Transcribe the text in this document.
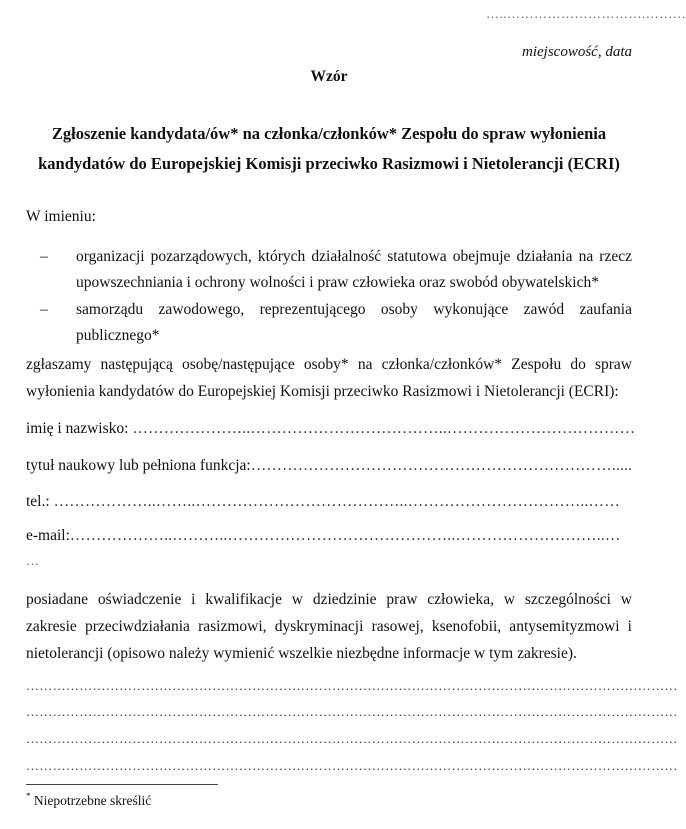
…..………………………….………
miejscowość, data
Wzór
Zgłoszenie kandydata/ów* na członka/członków* Zespołu do spraw wyłonienia
kandydatów do Europejskiej Komisji przeciwko Rasizmowi i Nietolerancji (ECRI)
W imieniu:
– organizacji pozarządowych, których działalność statutowa obejmuje działania na rzecz
upowszechniania i ochrony wolności i praw człowieka oraz swobód obywatelskich*
– samorządu zawodowego, reprezentującego osoby wykonujące zawód zaufania
publicznego*
zgłaszamy następującą osobę/następujące osoby* na członka/członków* Zespołu do spraw
wyłonienia kandydatów do Europejskiej Komisji przeciwko Rasizmowi i Nietolerancji (ECRI):
imię i nazwisko: …………………..………………………………..………………………………
tytuł naukowy lub pełniona funkcja:…………………………………………………………….....
tel.: ………………..……..…………………………………..……………………………..……
e-mail:………………..………..……………………………………..………………………..…
…
posiadane oświadczenie i kwalifikacje w dziedzinie praw człowieka, w szczególności w
zakresie przeciwdziałania rasizmowi, dyskryminacji rasowej, ksenofobii, antysemityzmowi i
nietolerancji (opisowo należy wymienić wszelkie niezbędne informacje w tym zakresie).
…………………………………………………………………………………………………………………………………
…………………………………………………………………………………………………………………………………
…………………………………………………………………………………………………………………………………
…………………………………………………………………………………………………………………………………
* Niepotrzebne skreślić
